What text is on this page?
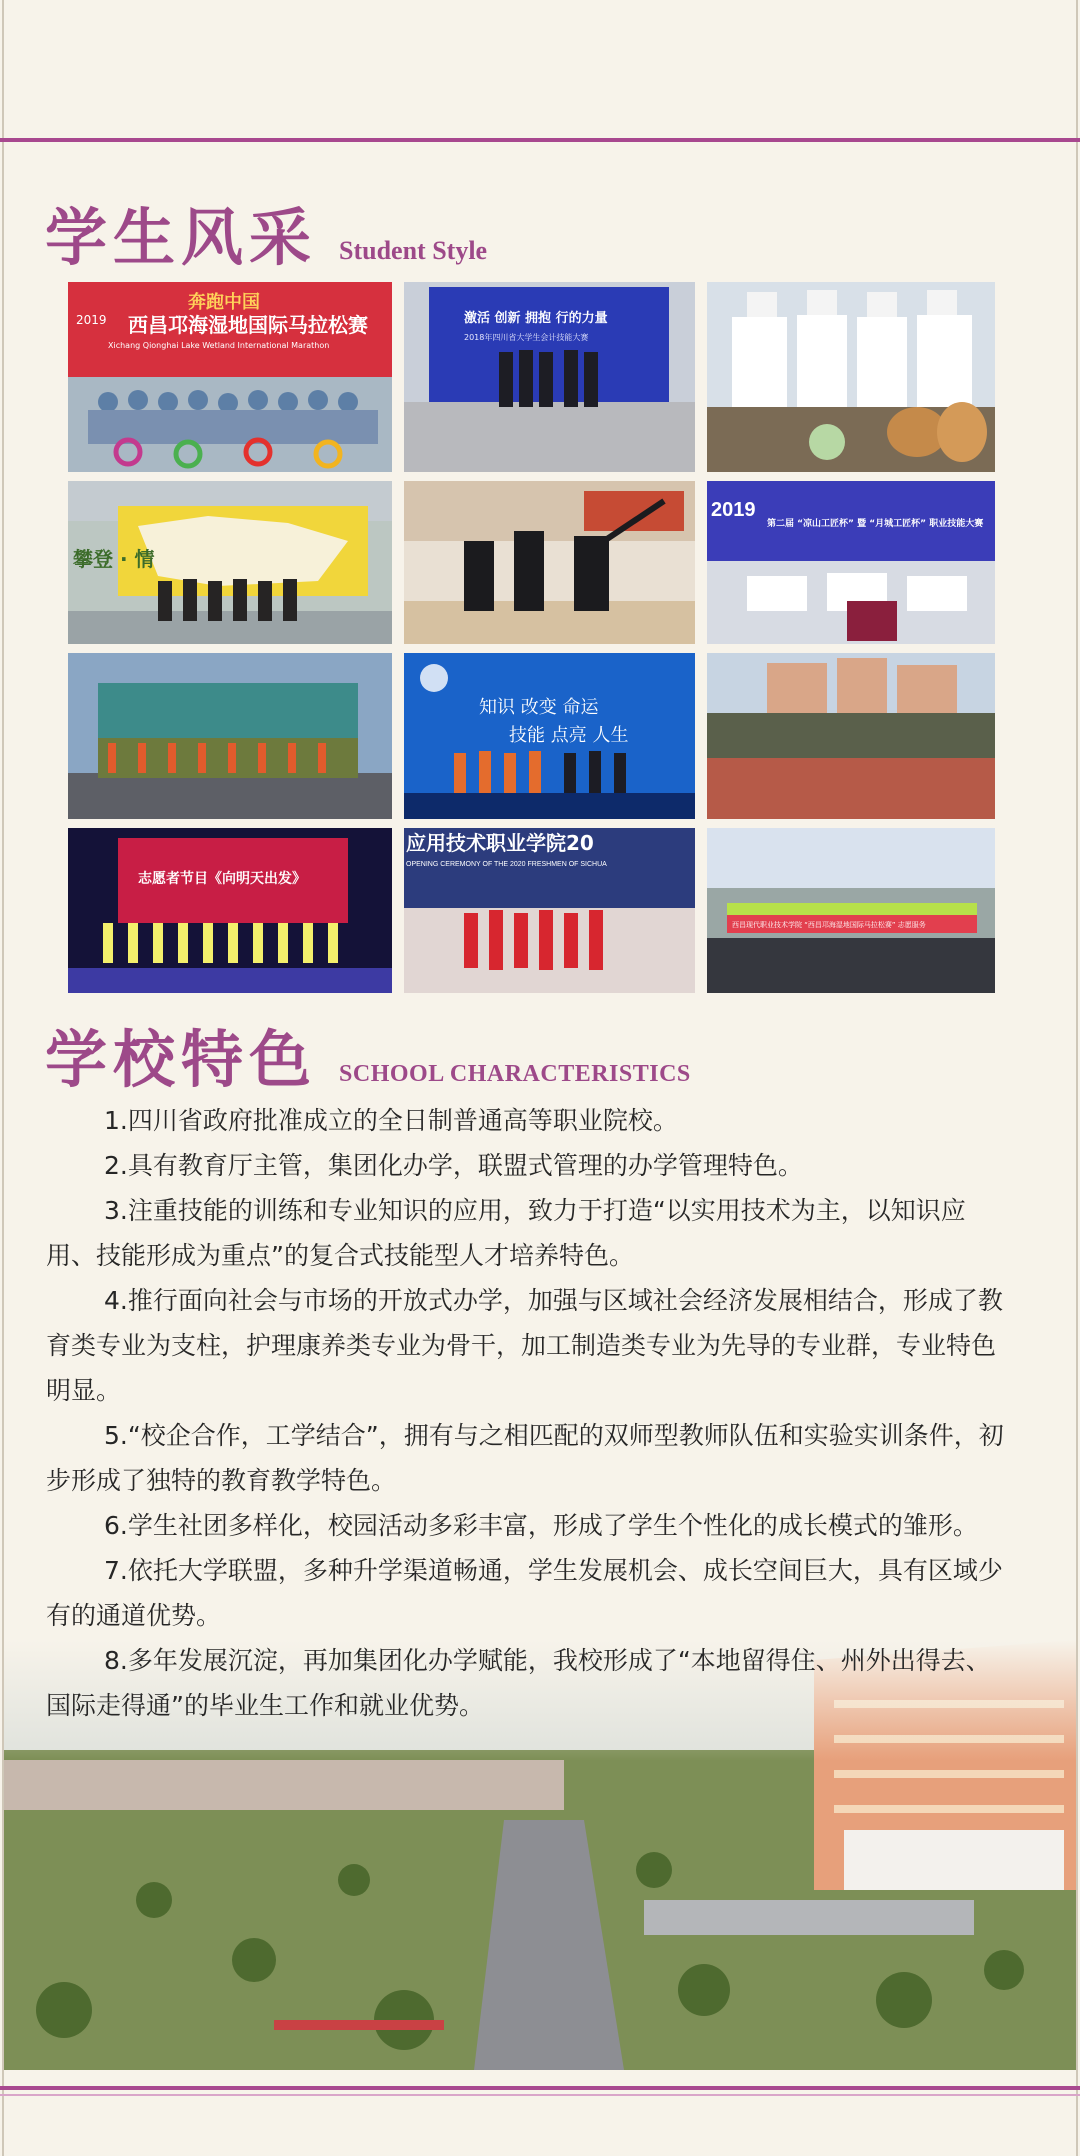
学生风采 Student Style
奔跑中国
2019 西昌邛海湿地国际马拉松赛
Xichang Qionghai Lake Wetland International Marathon
激活 创新 拥抱 行的力量
2018年四川省大学生会计技能大赛
攀登 · 情
2019
第二届 “凉山工匠杯” 暨 “月城工匠杯” 职业技能大赛
知识 改变 命运
技能 点亮 人生
志愿者节目《向明天出发》
应用技术职业学院20
OPENING CEREMONY OF THE 2020 FRESHMEN OF SICHUA
西昌现代职业技术学院 “西昌邛海湿地国际马拉松赛” 志愿服务
学校特色 SCHOOL CHARACTERISTICS

1.四川省政府批准成立的全日制普通高等职业院校。

2.具有教育厅主管，集团化办学，联盟式管理的办学管理特色。

3.注重技能的训练和专业知识的应用，致力于打造“以实用技术为主，以知识应用、技能形成为重点”的复合式技能型人才培养特色。

4.推行面向社会与市场的开放式办学，加强与区域社会经济发展相结合，形成了教育类专业为支柱，护理康养类专业为骨干，加工制造类专业为先导的专业群，专业特色明显。

5.“校企合作，工学结合”，拥有与之相匹配的双师型教师队伍和实验实训条件，初步形成了独特的教育教学特色。

6.学生社团多样化，校园活动多彩丰富，形成了学生个性化的成长模式的雏形。

7.依托大学联盟，多种升学渠道畅通，学生发展机会、成长空间巨大，具有区域少有的通道优势。

8.多年发展沉淀，再加集团化办学赋能，我校形成了“本地留得住、州外出得去、国际走得通”的毕业生工作和就业优势。
